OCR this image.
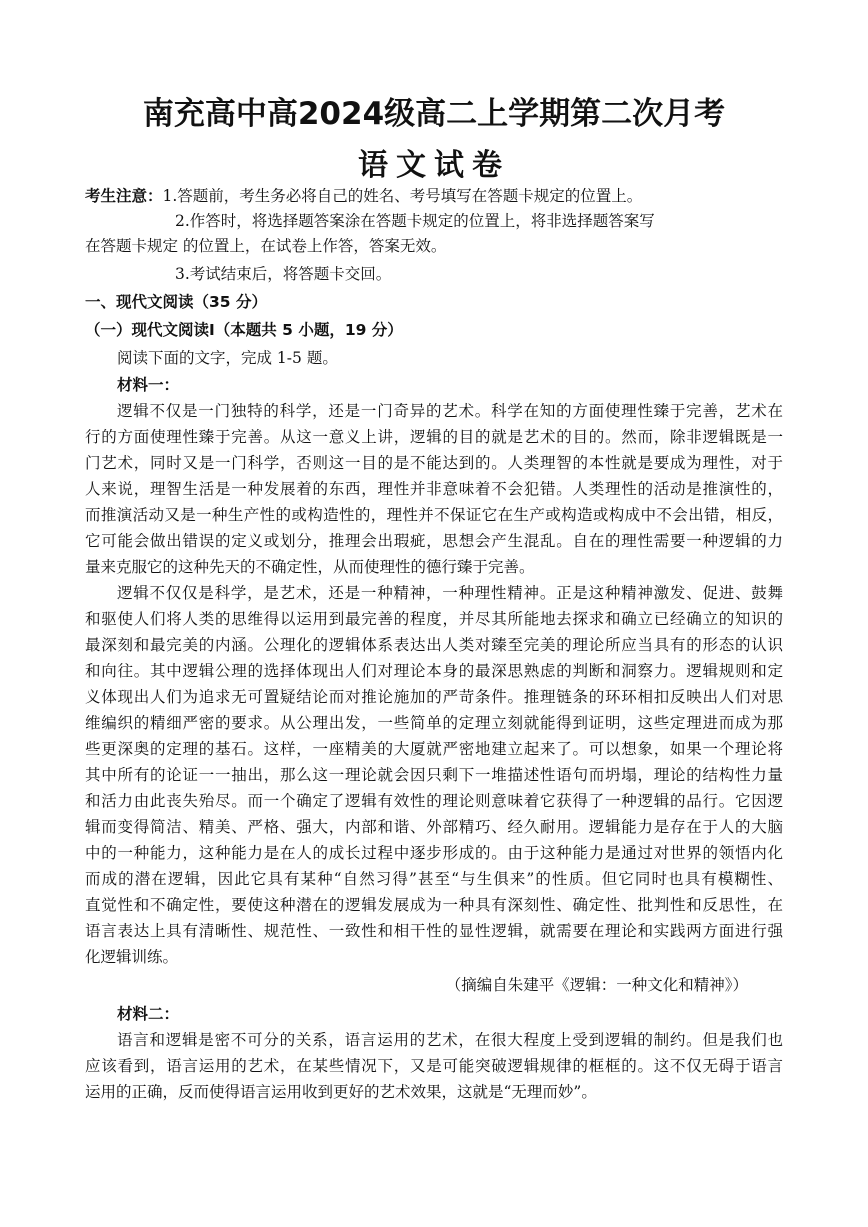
南充高中高2024级高二上学期第二次月考
语文试卷
考生注意：1.答题前，考生务必将自己的姓名、考号填写在答题卡规定的位置上。
2.作答时，将选择题答案涂在答题卡规定的位置上，将非选择题答案写
在答题卡规定 的位置上，在试卷上作答，答案无效。
3.考试结束后，将答题卡交回。
一、现代文阅读（35 分）
（一）现代文阅读Ⅰ（本题共 5 小题，19 分）
阅读下面的文字，完成 1-5 题。
材料一：
逻辑不仅是一门独特的科学，还是一门奇异的艺术。科学在知的方面使理性臻于完善，艺术在
行的方面使理性臻于完善。从这一意义上讲，逻辑的目的就是艺术的目的。然而，除非逻辑既是一
门艺术，同时又是一门科学，否则这一目的是不能达到的。人类理智的本性就是要成为理性，对于
人来说，理智生活是一种发展着的东西，理性并非意味着不会犯错。人类理性的活动是推演性的，
而推演活动又是一种生产性的或构造性的，理性并不保证它在生产或构造或构成中不会出错，相反，
它可能会做出错误的定义或划分，推理会出瑕疵，思想会产生混乱。自在的理性需要一种逻辑的力
量来克服它的这种先天的不确定性，从而使理性的德行臻于完善。
逻辑不仅仅是科学，是艺术，还是一种精神，一种理性精神。正是这种精神激发、促进、鼓舞
和驱使人们将人类的思维得以运用到最完善的程度，并尽其所能地去探求和确立已经确立的知识的
最深刻和最完美的内涵。公理化的逻辑体系表达出人类对臻至完美的理论所应当具有的形态的认识
和向往。其中逻辑公理的选择体现出人们对理论本身的最深思熟虑的判断和洞察力。逻辑规则和定
义体现出人们为追求无可置疑结论而对推论施加的严苛条件。推理链条的环环相扣反映出人们对思
维编织的精细严密的要求。从公理出发，一些简单的定理立刻就能得到证明，这些定理进而成为那
些更深奥的定理的基石。这样，一座精美的大厦就严密地建立起来了。可以想象，如果一个理论将
其中所有的论证一一抽出，那么这一理论就会因只剩下一堆描述性语句而坍塌，理论的结构性力量
和活力由此丧失殆尽。而一个确定了逻辑有效性的理论则意味着它获得了一种逻辑的品行。它因逻
辑而变得简洁、精美、严格、强大，内部和谐、外部精巧、经久耐用。逻辑能力是存在于人的大脑
中的一种能力，这种能力是在人的成长过程中逐步形成的。由于这种能力是通过对世界的领悟内化
而成的潜在逻辑，因此它具有某种“自然习得”甚至“与生俱来”的性质。但它同时也具有模糊性、
直觉性和不确定性，要使这种潜在的逻辑发展成为一种具有深刻性、确定性、批判性和反思性，在
语言表达上具有清晰性、规范性、一致性和相干性的显性逻辑，就需要在理论和实践两方面进行强
化逻辑训练。
（摘编自朱建平《逻辑：一种文化和精神》）
材料二：
语言和逻辑是密不可分的关系，语言运用的艺术，在很大程度上受到逻辑的制约。但是我们也
应该看到，语言运用的艺术，在某些情况下，又是可能突破逻辑规律的框框的。这不仅无碍于语言
运用的正确，反而使得语言运用收到更好的艺术效果，这就是“无理而妙”。
